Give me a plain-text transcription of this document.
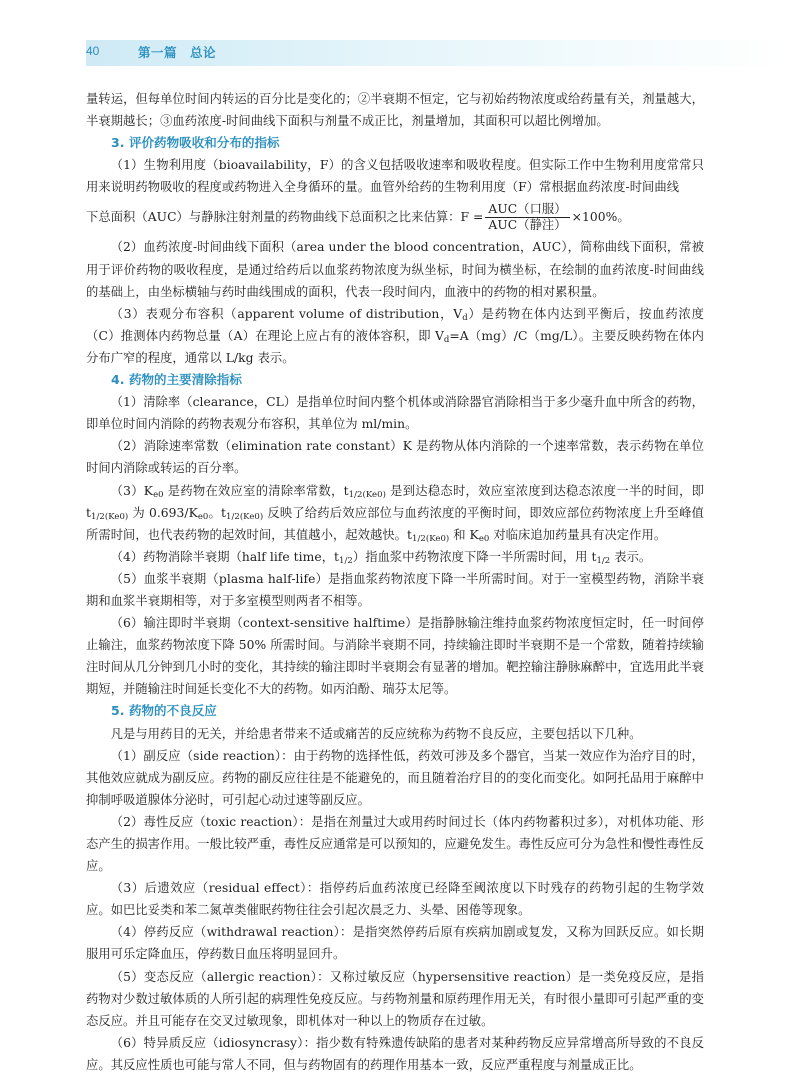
40	第一篇　总论

量转运，但每单位时间内转运的百分比是变化的；②半衰期不恒定，它与初始药物浓度或给药量有关，剂量越大，半衰期越长；③血药浓度-时间曲线下面积与剂量不成正比，剂量增加，其面积可以超比例增加。

3. 评价药物吸收和分布的指标

（1）生物利用度（bioavailability，F）的含义包括吸收速率和吸收程度。但实际工作中生物利用度常常只用来说明药物吸收的程度或药物进入全身循环的量。血管外给药的生物利用度（F）常根据血药浓度-时间曲线

下总面积（AUC）与静脉注射剂量的药物曲线下总面积之比来估算：$F = \frac{\text{AUC（口服）}}{\text{AUC（静注）}} \times 100\%$。

（2）血药浓度-时间曲线下面积（area under the blood concentration，AUC），简称曲线下面积，常被用于评价药物的吸收程度，是通过给药后以血浆药物浓度为纵坐标，时间为横坐标，在绘制的血药浓度-时间曲线的基础上，由坐标横轴与药时曲线围成的面积，代表一段时间内，血液中的药物的相对累积量。

（3）表观分布容积（apparent volume of distribution，$V_d$）是药物在体内达到平衡后，按血药浓度（C）推测体内药物总量（A）在理论上应占有的液体容积，即 $V_d=A(mg)/C(mg/L)$。主要反映药物在体内分布广窄的程度，通常以 L/kg 表示。

4. 药物的主要清除指标

（1）清除率（clearance，CL）是指单位时间内整个机体或消除器官消除相当于多少毫升血中所含的药物，即单位时间内消除的药物表观分布容积，其单位为 ml/min。

（2）消除速率常数（elimination rate constant）K 是药物从体内消除的一个速率常数，表示药物在单位时间内消除或转运的百分率。

$(3)K_{e0}$ 是药物在效应室的清除率常数，$t_{1/2(Ke0)}$ 是到达稳态时，效应室浓度到达稳态浓度一半的时间，即 $t_{1/2(Ke0)}$ 为 $0.693/K_{e0}$。$t_{1/2(Ke0)}$ 反映了给药后效应部位与血药浓度的平衡时间，即效应部位药物浓度上升至峰值所需时间，也代表药物的起效时间，其值越小，起效越快。$t_{1/2(Ke0)}$ 和 $K_{e0}$ 对临床追加药量具有决定作用。

（4）药物消除半衰期（half life time，$t_{1/2}$）指血浆中药物浓度下降一半所需时间，用 $t_{1/2}$ 表示。

（5）血浆半衰期（plasma half-life）是指血浆药物浓度下降一半所需时间。对于一室模型药物，消除半衰期和血浆半衰期相等，对于多室模型则两者不相等。

（6）输注即时半衰期（context-sensitive halftime）是指静脉输注维持血浆药物浓度恒定时，任一时间停止输注，血浆药物浓度下降 50% 所需时间。与消除半衰期不同，持续输注即时半衰期不是一个常数，随着持续输注时间从几分钟到几小时的变化，其持续的输注即时半衰期会有显著的增加。靶控输注静脉麻醉中，宜选用此半衰期短，并随输注时间延长变化不大的药物。如丙泊酚、瑞芬太尼等。

5. 药物的不良反应

凡是与用药目的无关，并给患者带来不适或痛苦的反应统称为药物不良反应，主要包括以下几种。

（1）副反应（side reaction）：由于药物的选择性低，药效可涉及多个器官，当某一效应作为治疗目的时，其他效应就成为副反应。药物的副反应往往是不能避免的，而且随着治疗目的的变化而变化。如阿托品用于麻醉中抑制呼吸道腺体分泌时，可引起心动过速等副反应。

（2）毒性反应（toxic reaction）：是指在剂量过大或用药时间过长（体内药物蓄积过多），对机体功能、形态产生的损害作用。一般比较严重，毒性反应通常是可以预知的，应避免发生。毒性反应可分为急性和慢性毒性反应。

（3）后遗效应（residual effect）：指停药后血药浓度已经降至阈浓度以下时残存的药物引起的生物学效应。如巴比妥类和苯二氮䓬类催眠药物往往会引起次晨乏力、头晕、困倦等现象。

（4）停药反应（withdrawal reaction）：是指突然停药后原有疾病加剧或复发，又称为回跃反应。如长期服用可乐定降血压，停药数日血压将明显回升。

（5）变态反应（allergic reaction）：又称过敏反应（hypersensitive reaction）是一类免疫反应，是指药物对少数过敏体质的人所引起的病理性免疫反应。与药物剂量和原药理作用无关，有时很小量即可引起严重的变态反应。并且可能存在交叉过敏现象，即机体对一种以上的物质存在过敏。

（6）特异质反应（idiosyncrasy）：指少数有特殊遗传缺陷的患者对某种药物反应异常增高所导致的不良反应。其反应性质也可能与常人不同，但与药物固有的药理作用基本一致，反应严重程度与剂量成正比。
